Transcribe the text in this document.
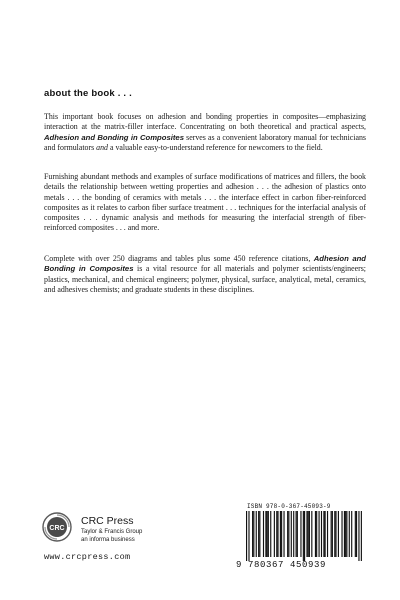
about the book . . .

This important book focuses on adhesion and bonding properties in composites—emphasizing interaction at the matrix-filler interface. Concentrating on both theoretical and practical aspects, Adhesion and Bonding in Composites serves as a convenient laboratory manual for technicians and formulators and a valuable easy-to-understand reference for newcomers to the field.

Furnishing abundant methods and examples of surface modifications of matrices and fillers, the book details the relationship between wetting properties and adhesion . . . the adhesion of plastics onto metals . . . the bonding of ceramics with metals . . . the interface effect in carbon fiber-reinforced composites as it relates to carbon fiber surface treatment . . . techniques for the interfacial analysis of composites . . . dynamic analysis and methods for measuring the interfacial strength of fiber-reinforced composites . . . and more.

Complete with over 250 diagrams and tables plus some 450 reference citations, Adhesion and Bonding in Composites is a vital resource for all materials and polymer scientists/engineers; plastics, mechanical, and chemical engineers; polymer, physical, surface, analytical, metal, ceramics, and adhesives chemists; and graduate students in these disciplines.

CRC
CRC Press
Taylor & Francis Group
an informa business
www.crcpress.com
ISBN 978-0-367-45093-9
9 780367 450939
